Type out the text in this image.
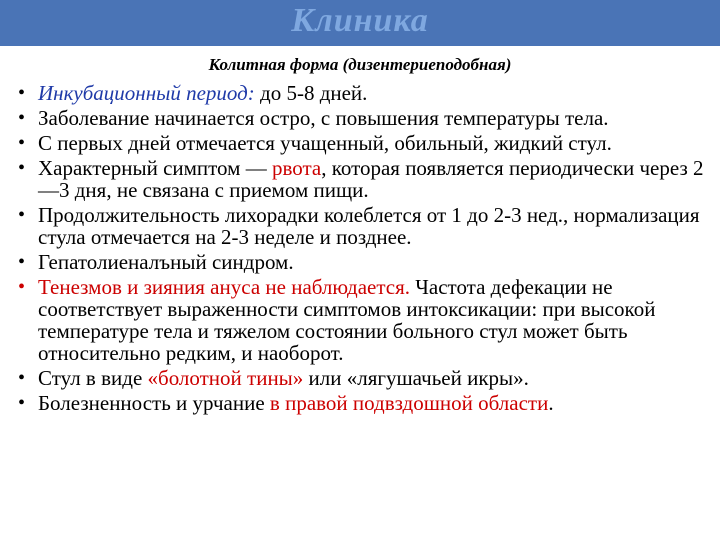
Клиника
Колитная форма (дизентериеподобная)
• Инкубационный период: до 5-8 дней.
• Заболевание начинается остро, с повышения температуры тела.
• С первых дней отмечается учащенный, обильный, жидкий стул.
• Характерный симптом — рвота, которая появляется периодически через 2—3 дня, не связана с приемом пищи.
• Продолжительность лихорадки колеблется от 1 до 2-3 нед., нормализация стула отмечается на 2-3 неделе и позднее.
• Гепатолиеналъный синдром.
• Тенезмов и зияния ануса не наблюдается. Частота дефекации не соответствует выраженности симптомов интоксикации: при высокой температуре тела и тяжелом состоянии больного стул может быть относительно редким, и наоборот.
• Стул в виде «болотной тины» или «лягушачьей икры».
• Болезненность и урчание в правой подвздошной области.
